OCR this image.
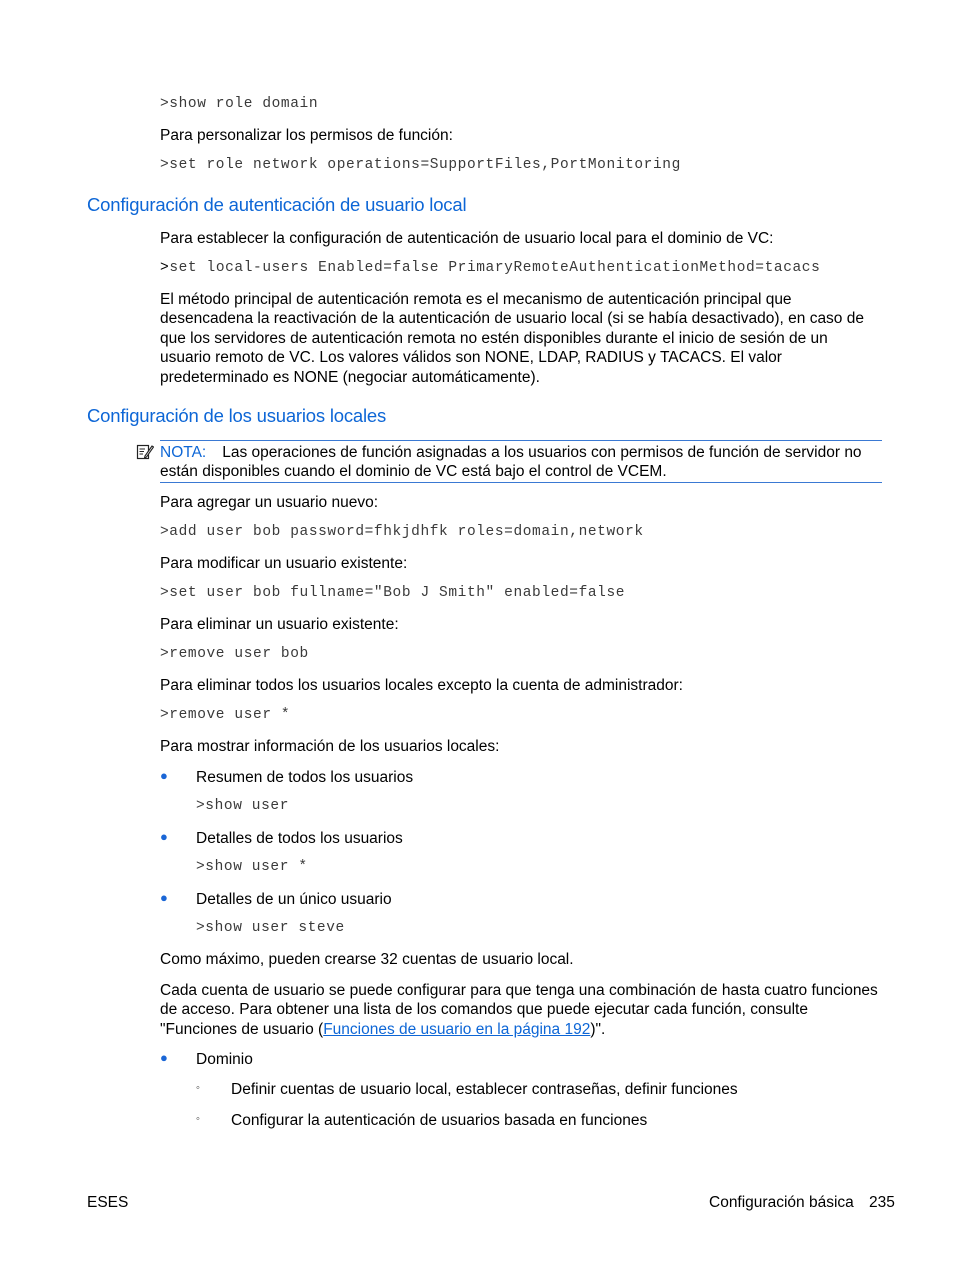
>show role domain
Para personalizar los permisos de función:
>set role network operations=SupportFiles,PortMonitoring
Configuración de autenticación de usuario local
Para establecer la configuración de autenticación de usuario local para el dominio de VC:
>set local-users Enabled=false PrimaryRemoteAuthenticationMethod=tacacs
El método principal de autenticación remota es el mecanismo de autenticación principal que desencadena la reactivación de la autenticación de usuario local (si se había desactivado), en caso de que los servidores de autenticación remota no estén disponibles durante el inicio de sesión de un usuario remoto de VC. Los valores válidos son NONE, LDAP, RADIUS y TACACS. El valor predeterminado es NONE (negociar automáticamente).
Configuración de los usuarios locales
NOTA: Las operaciones de función asignadas a los usuarios con permisos de función de servidor no están disponibles cuando el dominio de VC está bajo el control de VCEM.
Para agregar un usuario nuevo:
>add user bob password=fhkjdhfk roles=domain,network
Para modificar un usuario existente:
>set user bob fullname="Bob J Smith" enabled=false
Para eliminar un usuario existente:
>remove user bob
Para eliminar todos los usuarios locales excepto la cuenta de administrador:
>remove user *
Para mostrar información de los usuarios locales:
● Resumen de todos los usuarios
>show user
● Detalles de todos los usuarios
>show user *
● Detalles de un único usuario
>show user steve
Como máximo, pueden crearse 32 cuentas de usuario local.
Cada cuenta de usuario se puede configurar para que tenga una combinación de hasta cuatro funciones de acceso. Para obtener una lista de los comandos que puede ejecutar cada función, consulte "Funciones de usuario (Funciones de usuario en la página 192)".
● Dominio
◦ Definir cuentas de usuario local, establecer contraseñas, definir funciones
◦ Configurar la autenticación de usuarios basada en funciones
ESES	Configuración básica 235
